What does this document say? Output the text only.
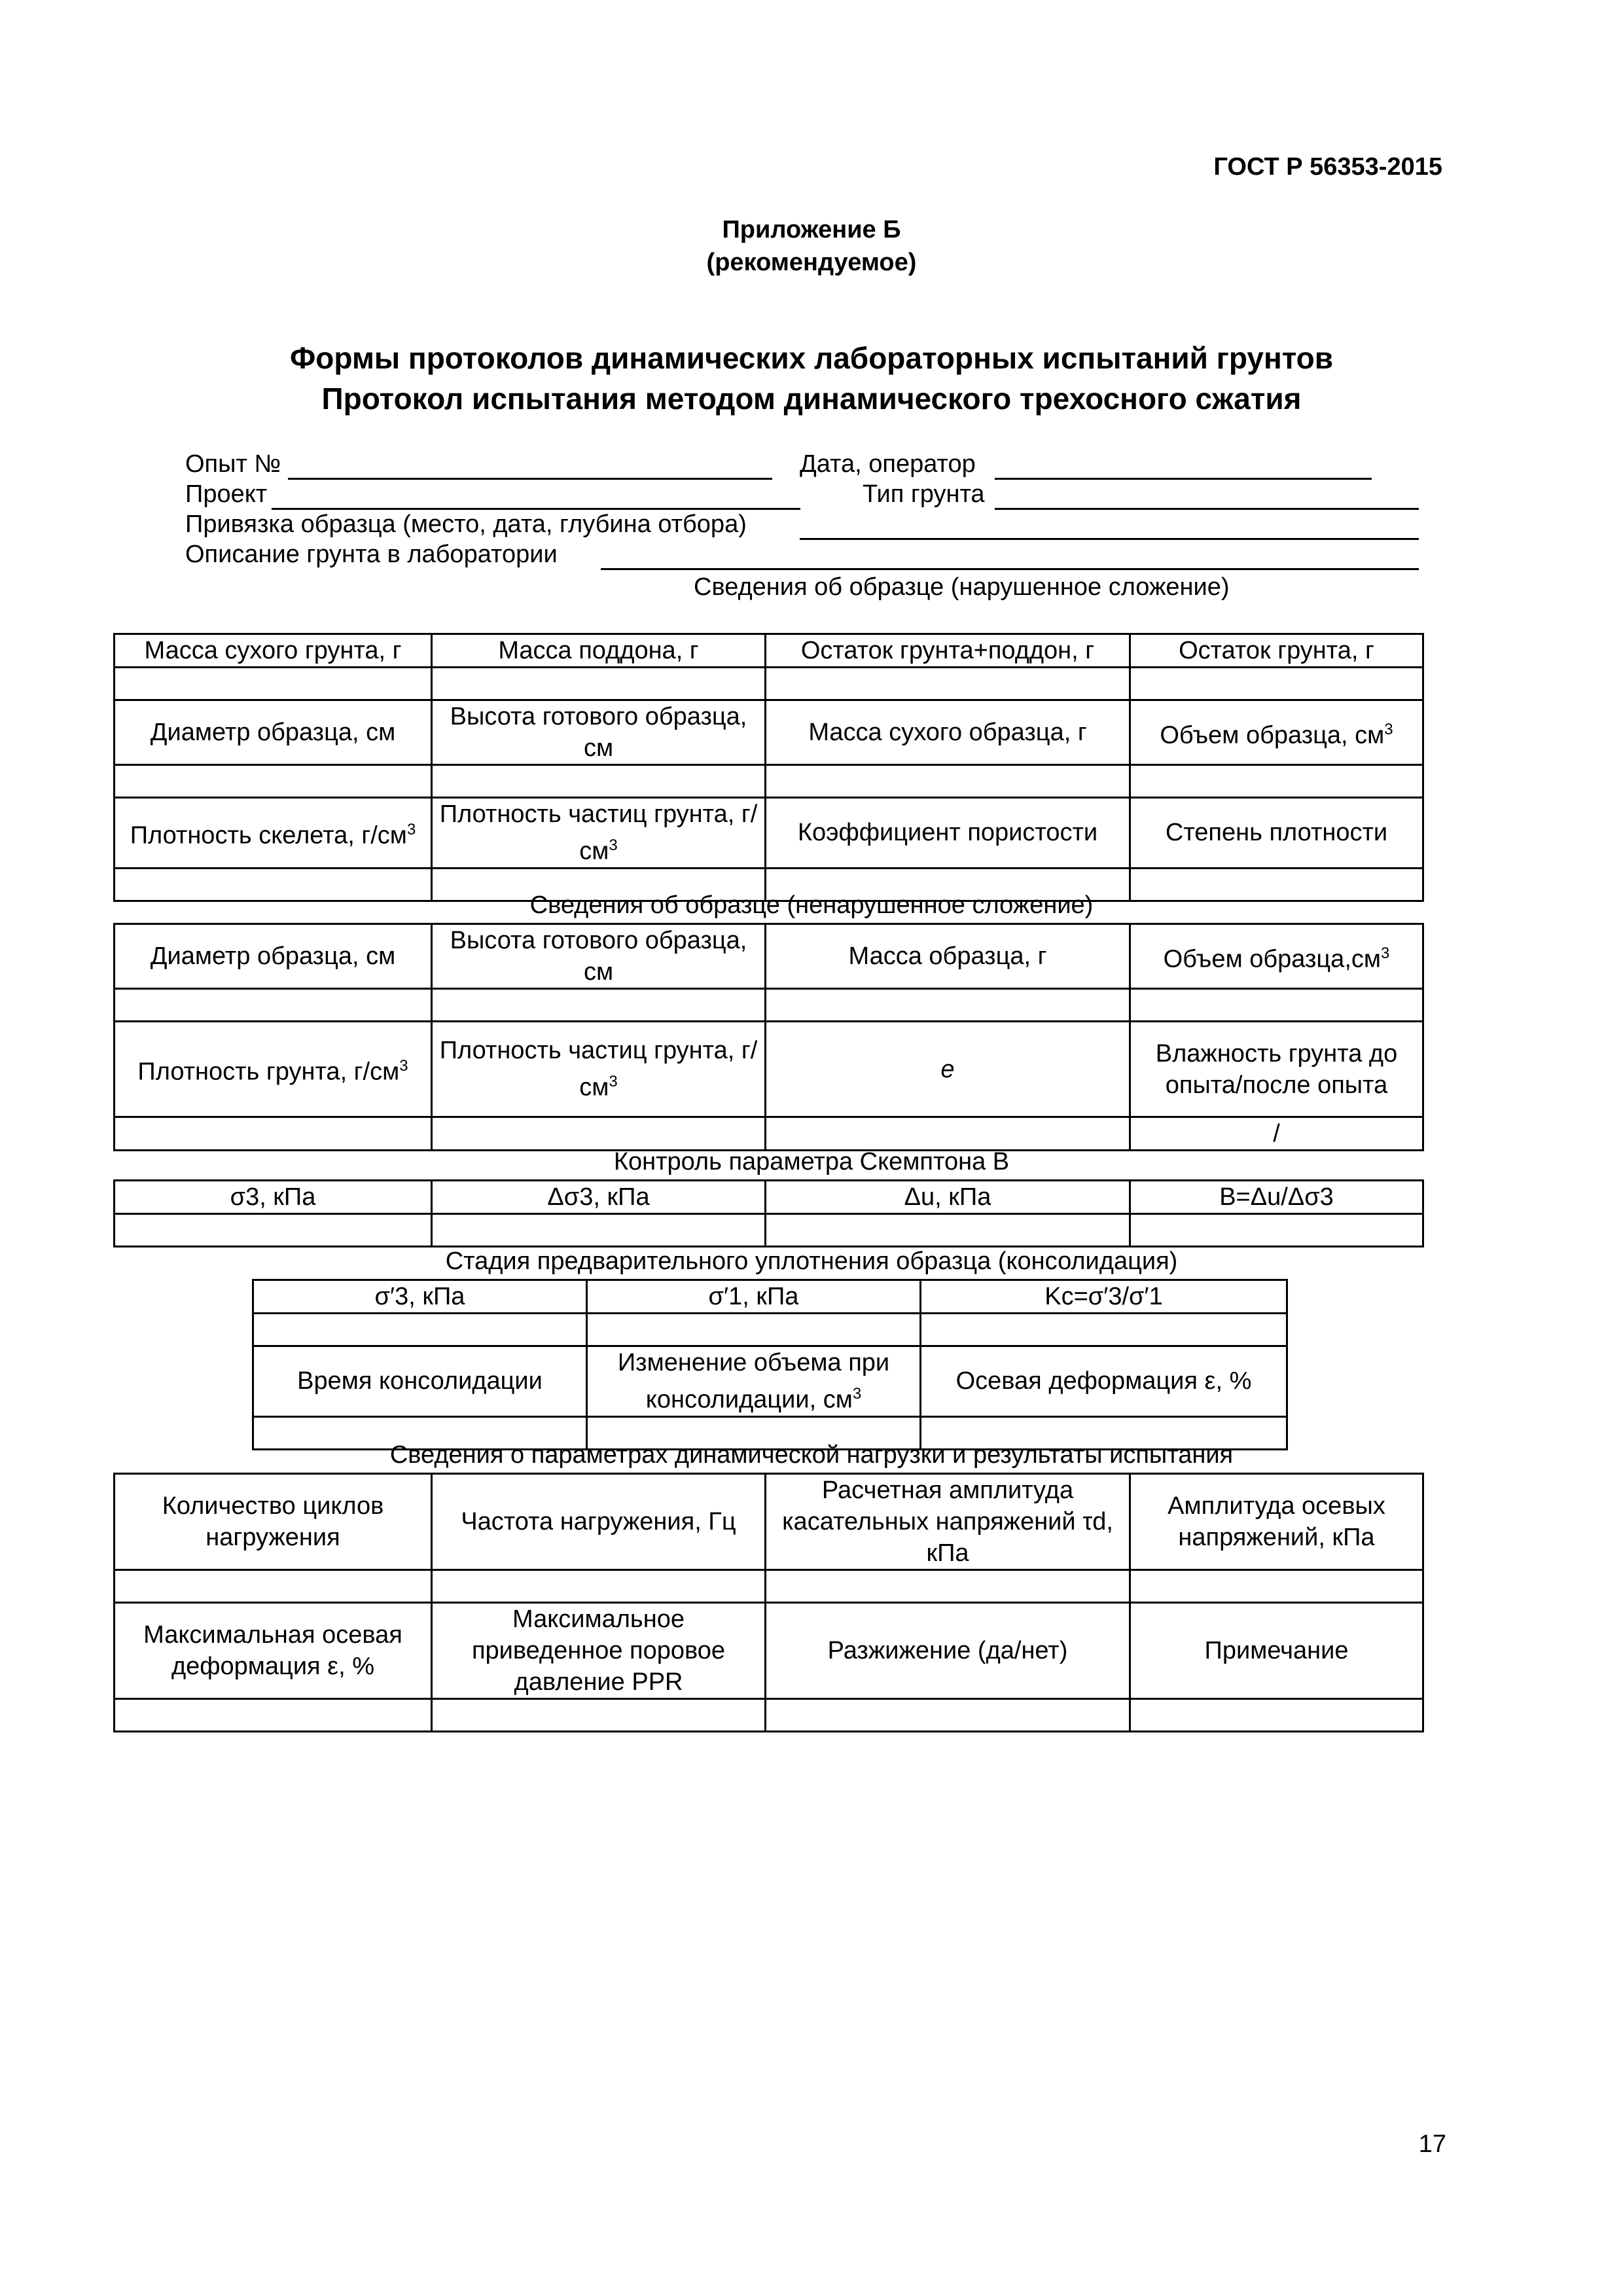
ГОСТ Р 56353-2015
Приложение Б
(рекомендуемое)
Формы протоколов динамических лабораторных испытаний грунтов
Протокол испытания методом динамического трехосного сжатия
Опыт №	Дата, оператор
Проект	Тип грунта
Привязка образца (место, дата, глубина отбора)
Описание грунта в лаборатории
Сведения об образце (нарушенное сложение)
Масса сухого грунта, г	Масса поддона, г	Остаток грунта+поддон, г	Остаток грунта, г

Диаметр образца, см	Высота готового образца, см	Масса сухого образца, г	Объем образца, $см^3$

Плотность скелета, $г/см^3$	Плотность частиц грунта, $г/см^3$	Коэффициент пористости	Степень плотности

Сведения об образце (ненарушенное сложение)
Диаметр образца, см	Высота готового образца, см	Масса образца, г	Объем $образца,см^3$

Плотность грунта, $г/см^3$	Плотность частиц грунта, $г/см^3$	e	Влажность грунта до опыта/после опыта
			/
Контроль параметра Скемптона B
σ3, кПа	Δσ3, кПа	Δu, кПа	B=Δu/Δσ3

Стадия предварительного уплотнения образца (консолидация)
σ′3, кПа	σ′1, кПа	Kc=σ′3/σ′1

Время консолидации	Изменение объема при консолидации, $см^3$	Осевая деформация ε, %

Сведения о параметрах динамической нагрузки и результаты испытания
Количество циклов нагружения	Частота нагружения, Гц	Расчетная амплитуда касательных напряжений τd, кПа	Амплитуда осевых напряжений, кПа

Максимальная осевая деформация ε, %	Максимальное приведенное поровое давление PPR	Разжижение (да/нет)	Примечание

17
